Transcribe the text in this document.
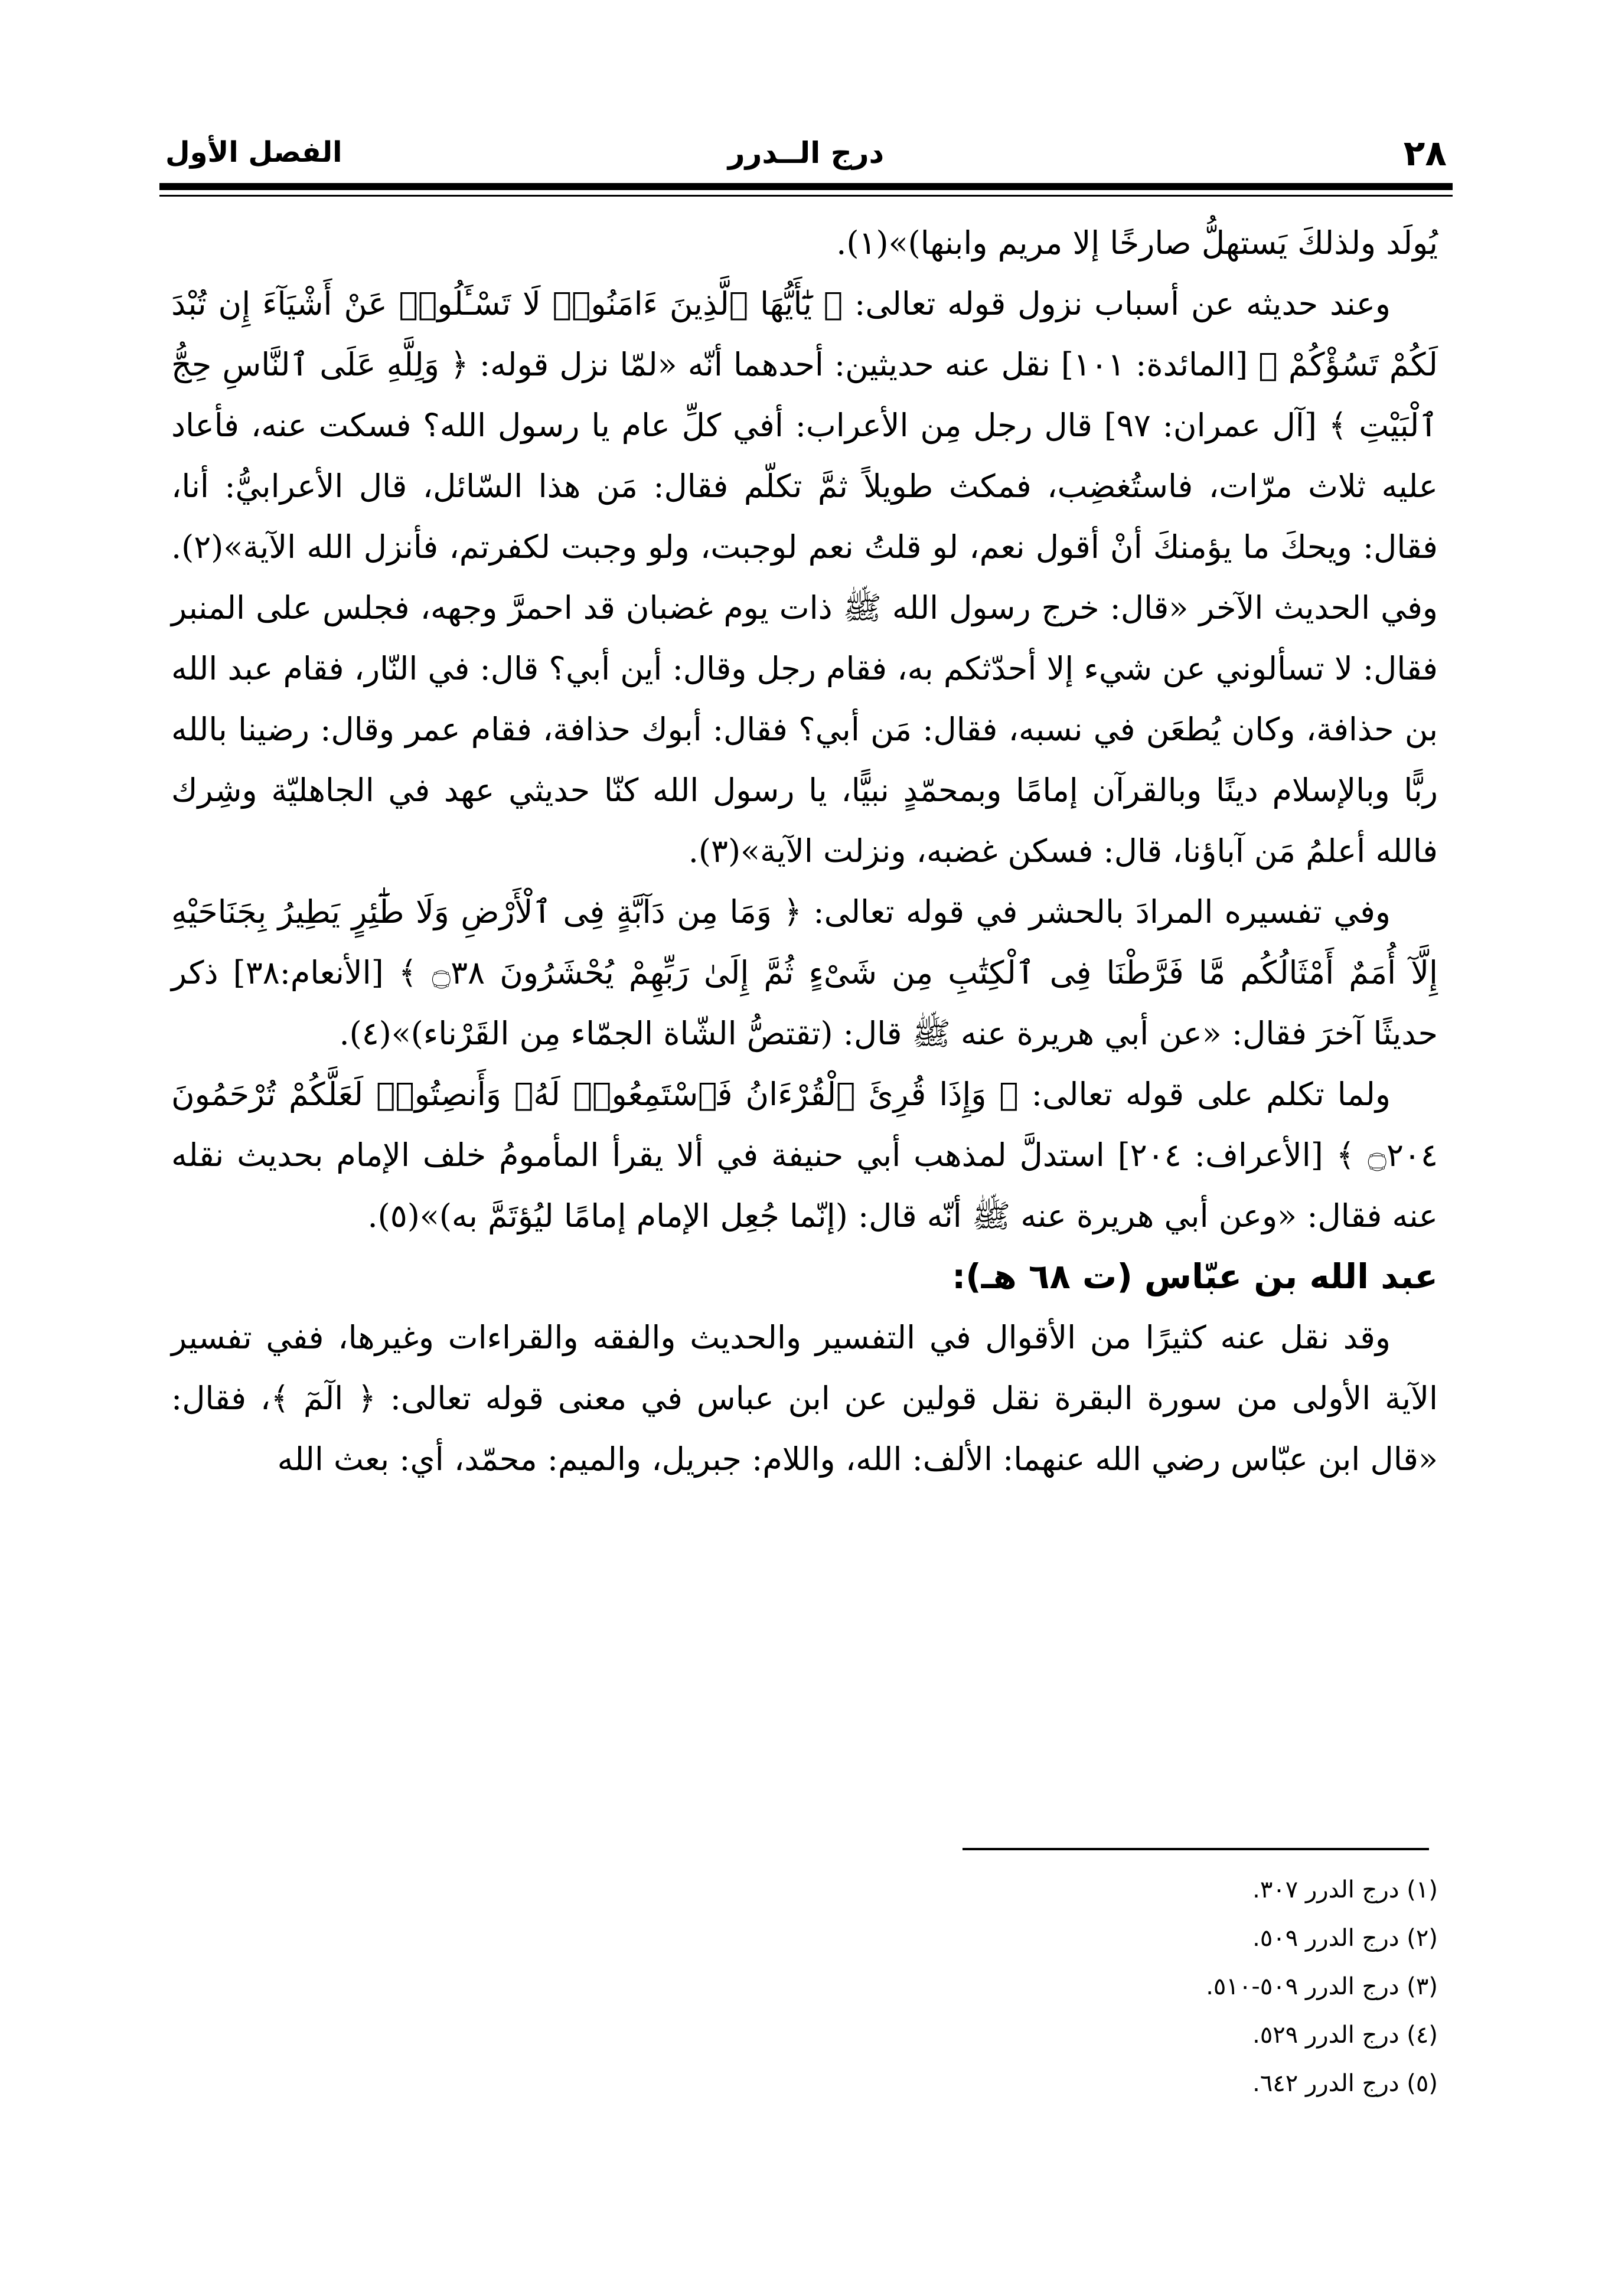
٢٨
درج الــدرر
الفصل الأول

يُولَد ولذلكَ يَستهلُّ صارخًا إلا مريم وابنها)»(١).

وعند حديثه عن أسباب نزول قوله تعالى: ﴿ يَٰٓأَيُّهَا ٱلَّذِينَ ءَامَنُوا۟ لَا تَسْـَٔلُوا۟ عَنْ أَشْيَآءَ إِن تُبْدَ لَكُمْ تَسُؤْكُمْ ﴾ [المائدة: ١٠١] نقل عنه حديثين: أحدهما أنّه «لمّا نزل قوله: ﴿ وَلِلَّهِ عَلَى ٱلنَّاسِ حِجُّ ٱلْبَيْتِ ﴾ [آل عمران: ٩٧] قال رجل مِن الأعراب: أفي كلِّ عام يا رسول الله؟ فسكت عنه، فأعاد عليه ثلاث مرّات، فاستُغضِب، فمكث طويلاً ثمَّ تكلّم فقال: مَن هذا السّائل، قال الأعرابيُّ: أنا، فقال: ويحكَ ما يؤمنكَ أنْ أقول نعم، لو قلتُ نعم لوجبت، ولو وجبت لكفرتم، فأنزل الله الآية»(٢). وفي الحديث الآخر «قال: خرج رسول الله ﷺ ذات يوم غضبان قد احمرَّ وجهه، فجلس على المنبر فقال: لا تسألوني عن شيء إلا أحدّثكم به، فقام رجل وقال: أين أبي؟ قال: في النّار، فقام عبد الله بن حذافة، وكان يُطعَن في نسبه، فقال: مَن أبي؟ فقال: أبوك حذافة، فقام عمر وقال: رضينا بالله ربًّا وبالإسلام دينًا وبالقرآن إمامًا وبمحمّدٍ نبيًّا، يا رسول الله كنّا حديثي عهد في الجاهليّة وشِرك فالله أعلمُ مَن آباؤنا، قال: فسكن غضبه، ونزلت الآية»(٣).

وفي تفسيره المرادَ بالحشر في قوله تعالى: ﴿ وَمَا مِن دَآبَّةٍ فِى ٱلْأَرْضِ وَلَا طَٰٓئِرٍ يَطِيرُ بِجَنَاحَيْهِ إِلَّآ أُمَمٌ أَمْثَالُكُم مَّا فَرَّطْنَا فِى ٱلْكِتَٰبِ مِن شَىْءٍ ثُمَّ إِلَىٰ رَبِّهِمْ يُحْشَرُونَ ۝٣٨ ﴾ [الأنعام:٣٨] ذكر حديثًا آخرَ فقال: «عن أبي هريرة عنه ﷺ قال: (تقتصُّ الشّاة الجمّاء مِن القَرْناء)»(٤).

ولما تكلم على قوله تعالى: ﴿ وَإِذَا قُرِئَ ٱلْقُرْءَانُ فَٱسْتَمِعُوا۟ لَهُۥ وَأَنصِتُوا۟ لَعَلَّكُمْ تُرْحَمُونَ ۝٢٠٤ ﴾ [الأعراف: ٢٠٤] استدلَّ لمذهب أبي حنيفة في ألا يقرأ المأمومُ خلف الإمام بحديث نقله عنه فقال: «وعن أبي هريرة عنه ﷺ أنّه قال: (إنّما جُعِل الإمام إمامًا ليُؤتَمَّ به)»(٥).

عبد الله بن عبّاس (ت ٦٨ هـ):

وقد نقل عنه كثيرًا من الأقوال في التفسير والحديث والفقه والقراءات وغيرها، ففي تفسير الآية الأولى من سورة البقرة نقل قولين عن ابن عباس في معنى قوله تعالى: ﴿ الٓمٓ ﴾، فقال: «قال ابن عبّاس رضي الله عنهما: الألف: الله، واللام: جبريل، والميم: محمّد، أي: بعث الله

(١) درج الدرر ٣٠٧.
(٢) درج الدرر ٥٠٩.
(٣) درج الدرر ٥٠٩-٥١٠.
(٤) درج الدرر ٥٢٩.
(٥) درج الدرر ٦٤٢.
